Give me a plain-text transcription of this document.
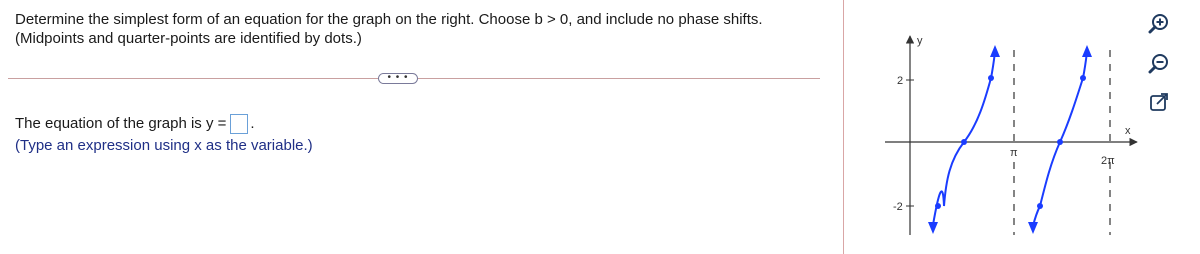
Determine the simplest form of an equation for the graph on the right. Choose b > 0, and include no phase shifts.
(Midpoints and quarter-points are identified by dots.)
• • •
The equation of the graph is y = .
(Type an expression using x as the variable.)
y
x
2
-2
π
2π
